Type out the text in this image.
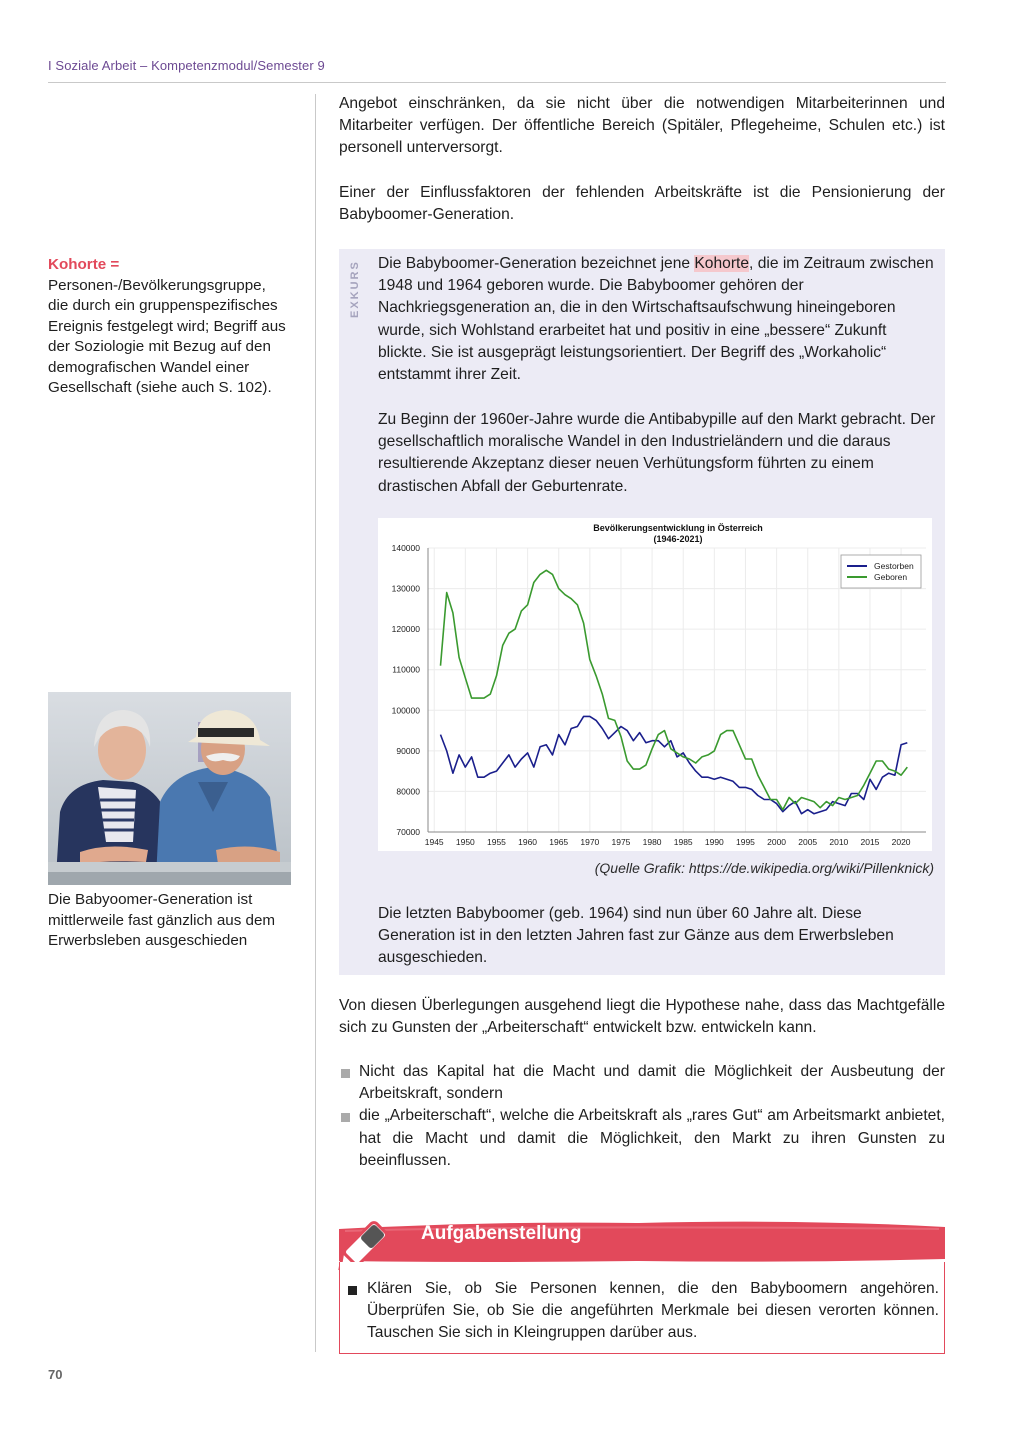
I Soziale Arbeit – Kompetenzmodul/Semester 9
Angebot einschränken, da sie nicht über die notwendigen Mitarbeiterinnen und Mitarbeiter verfügen. Der öffentliche Bereich (Spitäler, Pflegeheime, Schulen etc.) ist personell unterversorgt.
Einer der Einflussfaktoren der fehlenden Arbeitskräfte ist die Pensionierung der Babyboomer-Generation.
Kohorte = Personen-/Bevölkerungsgruppe, die durch ein gruppenspezifisches Ereignis festgelegt wird; Begriff aus der Soziologie mit Bezug auf den demografischen Wandel einer Gesellschaft (siehe auch S. 102).
EXKURS Die Babyboomer-Generation bezeichnet jene Kohorte, die im Zeitraum zwischen 1948 und 1964 geboren wurde. Die Babyboomer gehören der Nachkriegsgeneration an, die in den Wirtschaftsaufschwung hineingeboren wurde, sich Wohlstand erarbeitet hat und positiv in eine „bessere“ Zukunft blickte. Sie ist ausgeprägt leistungsorientiert. Der Begriff des „Workaholic“ entstammt ihrer Zeit.
Zu Beginn der 1960er-Jahre wurde die Antibabypille auf den Markt gebracht. Der gesellschaftlich moralische Wandel in den Industrieländern und die daraus resultierende Akzeptanz dieser neuen Verhütungsform führten zu einem drastischen Abfall der Geburtenrate.
1945 1950 1955 1960 1965 1970 1975 1980 1985 1990 1995 2000 2005 2010 2015 2020
70000
80000
90000
100000
110000
120000
130000
140000
Bevölkerungsentwicklung in Österreich
(1946-2021)
Gestorben
Geboren
(Quelle Grafik: https://de.wikipedia.org/wiki/Pillenknick)
Die letzten Babyboomer (geb. 1964) sind nun über 60 Jahre alt. Diese Generation ist in den letzten Jahren fast zur Gänze aus dem Erwerbsleben ausgeschieden.
Die Babyoomer-Generation ist mittlerweile fast gänzlich aus dem Erwerbsleben ausgeschieden
Von diesen Überlegungen ausgehend liegt die Hypothese nahe, dass das Machtgefälle sich zu Gunsten der „Arbeiterschaft“ entwickelt bzw. entwickeln kann.
Nicht das Kapital hat die Macht und damit die Möglichkeit der Ausbeutung der Arbeitskraft, sondern
die „Arbeiterschaft“, welche die Arbeitskraft als „rares Gut“ am Arbeitsmarkt anbietet, hat die Macht und damit die Möglichkeit, den Markt zu ihren Gunsten zu beeinflussen.
Aufgabenstellung
Klären Sie, ob Sie Personen kennen, die den Babyboomern angehören. Überprüfen Sie, ob Sie die angeführten Merkmale bei diesen verorten können. Tauschen Sie sich in Kleingruppen darüber aus.
70
